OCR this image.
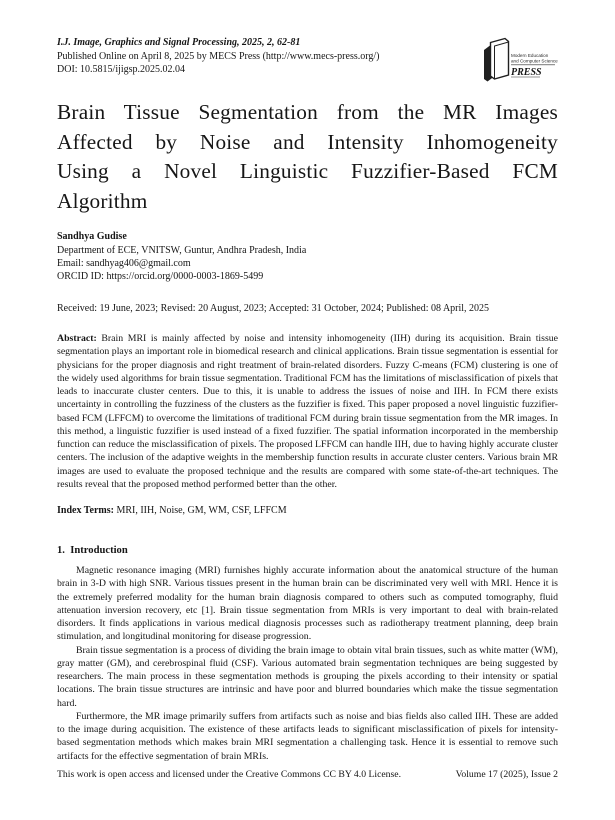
I.J. Image, Graphics and Signal Processing, 2025, 2, 62-81
Published Online on April 8, 2025 by MECS Press (http://www.mecs-press.org/)
DOI: 10.5815/ijigsp.2025.02.04
Modern Education
and Computer Science
PRESS
Brain Tissue Segmentation from the MR Images
Affected by Noise and Intensity Inhomogeneity
Using a Novel Linguistic Fuzzifier-Based FCM
Algorithm
Sandhya Gudise
Department of ECE, VNITSW, Guntur, Andhra Pradesh, India
Email: sandhyag406@gmail.com
ORCID ID: https://orcid.org/0000-0003-1869-5499
Received: 19 June, 2023; Revised: 20 August, 2023; Accepted: 31 October, 2024; Published: 08 April, 2025

Abstract: Brain MRI is mainly affected by noise and intensity inhomogeneity (IIH) during its acquisition. Brain tissue segmentation plays an important role in biomedical research and clinical applications. Brain tissue segmentation is essential for physicians for the proper diagnosis and right treatment of brain-related disorders. Fuzzy C-means (FCM) clustering is one of the widely used algorithms for brain tissue segmentation. Traditional FCM has the limitations of misclassification of pixels that leads to inaccurate cluster centers. Due to this, it is unable to address the issues of noise and IIH. In FCM there exists uncertainty in controlling the fuzziness of the clusters as the fuzzifier is fixed. This paper proposed a novel linguistic fuzzifier-based FCM (LFFCM) to overcome the limitations of traditional FCM during brain tissue segmentation from the MR images. In this method, a linguistic fuzzifier is used instead of a fixed fuzzifier. The spatial information incorporated in the membership function can reduce the misclassification of pixels. The proposed LFFCM can handle IIH, due to having highly accurate cluster centers. The inclusion of the adaptive weights in the membership function results in accurate cluster centers. Various brain MR images are used to evaluate the proposed technique and the results are compared with some state-of-the-art techniques. The results reveal that the proposed method performed better than the other.

Index Terms: MRI, IIH, Noise, GM, WM, CSF, LFFCM

1.  Introduction

Magnetic resonance imaging (MRI) furnishes highly accurate information about the anatomical structure of the human brain in 3-D with high SNR. Various tissues present in the human brain can be discriminated very well with MRI. Hence it is the extremely preferred modality for the human brain diagnosis compared to others such as computed tomography, fluid attenuation inversion recovery, etc [1]. Brain tissue segmentation from MRIs is very important to deal with brain-related disorders. It finds applications in various medical diagnosis processes such as radiotherapy treatment planning, deep brain stimulation, and longitudinal monitoring for disease progression.

Brain tissue segmentation is a process of dividing the brain image to obtain vital brain tissues, such as white matter (WM), gray matter (GM), and cerebrospinal fluid (CSF). Various automated brain segmentation techniques are being suggested by researchers. The main process in these segmentation methods is grouping the pixels according to their intensity or spatial locations. The brain tissue structures are intrinsic and have poor and blurred boundaries which make the tissue segmentation hard.

Furthermore, the MR image primarily suffers from artifacts such as noise and bias fields also called IIH. These are added to the image during acquisition. The existence of these artifacts leads to significant misclassification of pixels for intensity-based segmentation methods which makes brain MRI segmentation a challenging task. Hence it is essential to remove such artifacts for the effective segmentation of brain MRIs.

This work is open access and licensed under the Creative Commons CC BY 4.0 License.	Volume 17 (2025), Issue 2
